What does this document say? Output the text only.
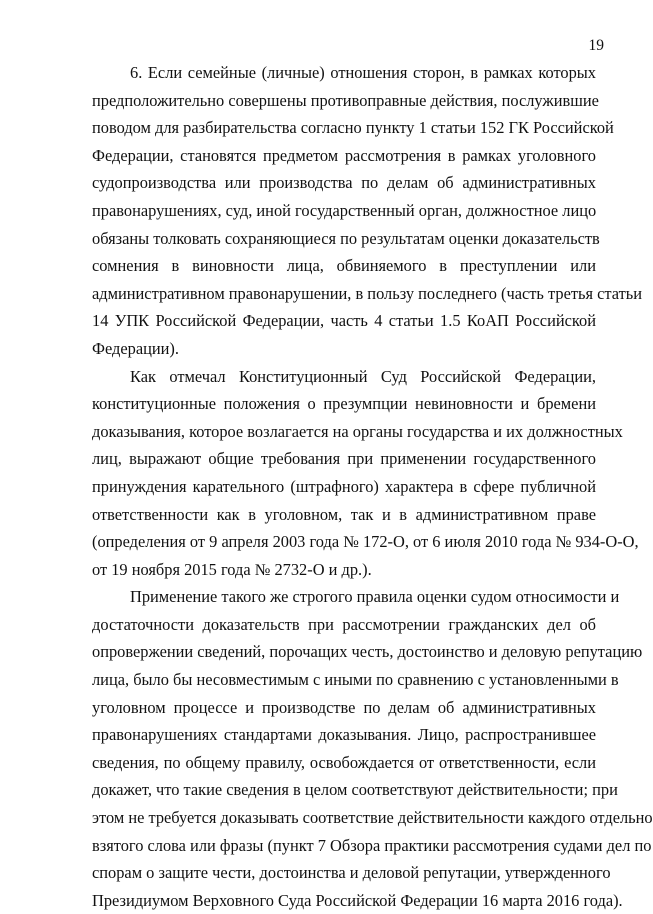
19
6. Если семейные (личные) отношения сторон, в рамках которых
предположительно совершены противоправные действия, послужившие
поводом для разбирательства согласно пункту 1 статьи 152 ГК Российской
Федерации, становятся предметом рассмотрения в рамках уголовного
судопроизводства или производства по делам об административных
правонарушениях, суд, иной государственный орган, должностное лицо
обязаны толковать сохраняющиеся по результатам оценки доказательств
сомнения в виновности лица, обвиняемого в преступлении или
административном правонарушении, в пользу последнего (часть третья статьи
14 УПК Российской Федерации, часть 4 статьи 1.5 КоАП Российской
Федерации).
Как отмечал Конституционный Суд Российской Федерации,
конституционные положения о презумпции невиновности и бремени
доказывания, которое возлагается на органы государства и их должностных
лиц, выражают общие требования при применении государственного
принуждения карательного (штрафного) характера в сфере публичной
ответственности как в уголовном, так и в административном праве
(определения от 9 апреля 2003 года № 172-О, от 6 июля 2010 года № 934-О-О,
от 19 ноября 2015 года № 2732-О и др.).
Применение такого же строгого правила оценки судом относимости и
достаточности доказательств при рассмотрении гражданских дел об
опровержении сведений, порочащих честь, достоинство и деловую репутацию
лица, было бы несовместимым с иными по сравнению с установленными в
уголовном процессе и производстве по делам об административных
правонарушениях стандартами доказывания. Лицо, распространившее
сведения, по общему правилу, освобождается от ответственности, если
докажет, что такие сведения в целом соответствуют действительности; при
этом не требуется доказывать соответствие действительности каждого отдельно
взятого слова или фразы (пункт 7 Обзора практики рассмотрения судами дел по
спорам о защите чести, достоинства и деловой репутации, утвержденного
Президиумом Верховного Суда Российской Федерации 16 марта 2016 года).
